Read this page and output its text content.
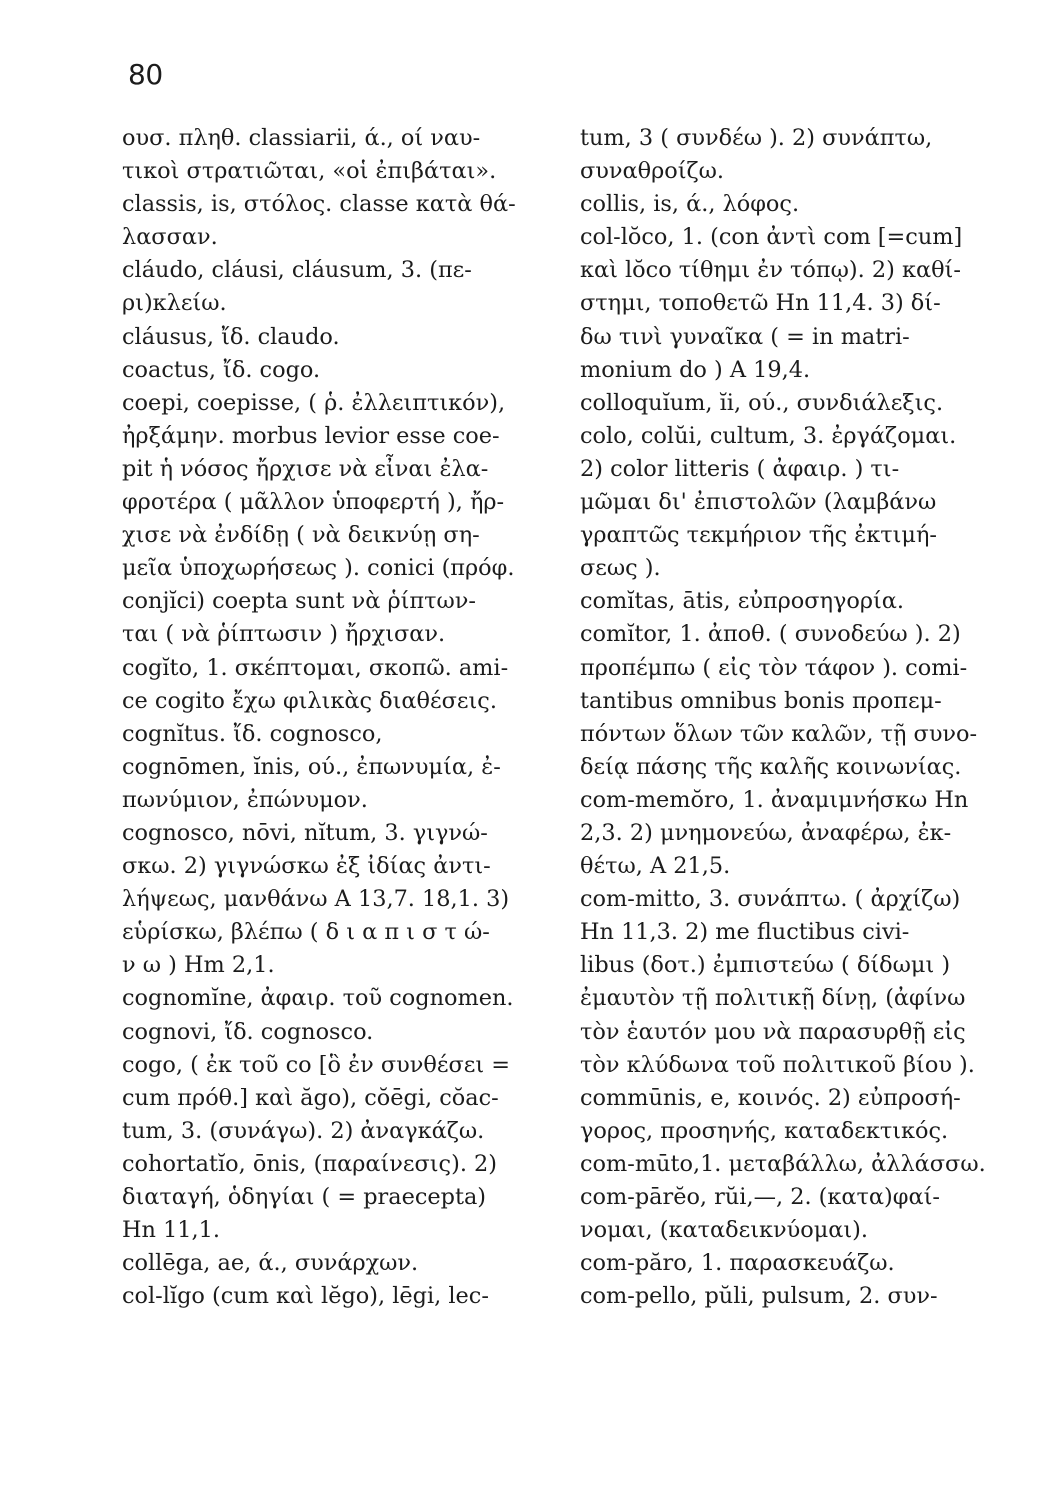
80
ουσ. πληθ. classiarii, ά., οί ναυ-
τικοὶ στρατιῶται, «οἱ ἐπιβάται».
classis, is, στόλος. classe κατὰ θά-
λασσαν.
cláudo, cláusi, cláusum, 3. (πε-
ρι)κλείω.
cláusus, ἴδ. claudo.
coactus, ἴδ. cogo.
coepi, coepisse, ( ῥ. ἐλλειπτικόν),
ἠρξάμην. morbus levior esse coe-
pit ἡ νόσος ἤρχισε νὰ εἶναι ἐλα-
φροτέρα ( μᾶλλον ὑποφερτή ), ἤρ-
χισε νὰ ἐνδίδῃ ( νὰ δεικνύῃ ση-
μεῖα ὑποχωρήσεως ). conici (πρόφ.
conjĭci) coepta sunt νὰ ῥίπτων-
ται ( νὰ ῥίπτωσιν ) ἤρχισαν.
cogĭto, 1. σκέπτομαι, σκοπῶ. ami-
ce cogito ἔχω φιλικὰς διαθέσεις.
cognĭtus. ἴδ. cognosco,
cognōmen, ĭnis, ού., ἐπωνυμία, ἐ-
πωνύμιον, ἐπώνυμον.
cognosco, nōvi, nĭtum, 3. γιγνώ-
σκω. 2) γιγνώσκω ἐξ ἰδίας ἀντι-
λήψεως, μανθάνω A 13,7. 18,1. 3)
εὑρίσκω, βλέπω ( δ ι α π ι σ τ ώ-
ν ω ) Hm 2,1.
cognomĭne, ἀφαιρ. τοῦ cognomen.
cognovi, ἴδ. cognosco.
cogo, ( ἐκ τοῦ co [ὃ ἐν συνθέσει =
cum πρόθ.] καὶ ăgo), cŏēgi, cŏac-
tum, 3. (συνάγω). 2) ἀναγκάζω.
cohortatĭo, ōnis, (παραίνεσις). 2)
διαταγή, ὁδηγίαι ( = praecepta)
Hn 11,1.
collēga, ae, ά., συνάρχων.
col-lĭgo (cum καὶ lĕgo), lēgi, lec-
tum, 3 ( συνδέω ). 2) συνάπτω,
συναθροίζω.
collis, is, ά., λόφος.
col-lŏco, 1. (con ἀντὶ com [=cum]
καὶ lŏco τίθημι ἐν τόπῳ). 2) καθί-
στημι, τοποθετῶ Hn 11,4. 3) δί-
δω τινὶ γυναῖκα ( = in matri-
monium do ) A 19,4.
colloquĭum, ĭi, ού., συνδιάλεξις.
colo, colŭi, cultum, 3. ἐργάζομαι.
2) color litteris ( ἀφαιρ. ) τι-
μῶμαι δι' ἐπιστολῶν (λαμβάνω
γραπτῶς τεκμήριον τῆς ἐκτιμή-
σεως ).
comĭtas, ātis, εὐπροσηγορία.
comĭtor, 1. ἀποθ. ( συνοδεύω ). 2)
προπέμπω ( εἰς τὸν τάφον ). comi-
tantibus omnibus bonis προπεμ-
πόντων ὅλων τῶν καλῶν, τῇ συνο-
δείᾳ πάσης τῆς καλῆς κοινωνίας.
com-memŏro, 1. ἀναμιμνήσκω Hn
2,3. 2) μνημονεύω, ἀναφέρω, ἐκ-
θέτω, A 21,5.
com-mitto, 3. συνάπτω. ( ἀρχίζω)
Hn 11,3. 2) me fluctibus civi-
libus (δοτ.) ἐμπιστεύω ( δίδωμι )
ἐμαυτὸν τῇ πολιτικῇ δίνῃ, (ἀφίνω
τὸν ἑαυτόν μου νὰ παρασυρθῇ εἰς
τὸν κλύδωνα τοῦ πολιτικοῦ βίου ).
commūnis, e, κοινός. 2) εὐπροσή-
γορος, προσηνής, καταδεκτικός.
com-mūto,1. μεταβάλλω, ἀλλάσσω.
com-pārĕo, rŭi,—, 2. (κατα)φαί-
νομαι, (καταδεικνύομαι).
com-păro, 1. παρασκευάζω.
com-pello, pŭli, pulsum, 2. συν-
